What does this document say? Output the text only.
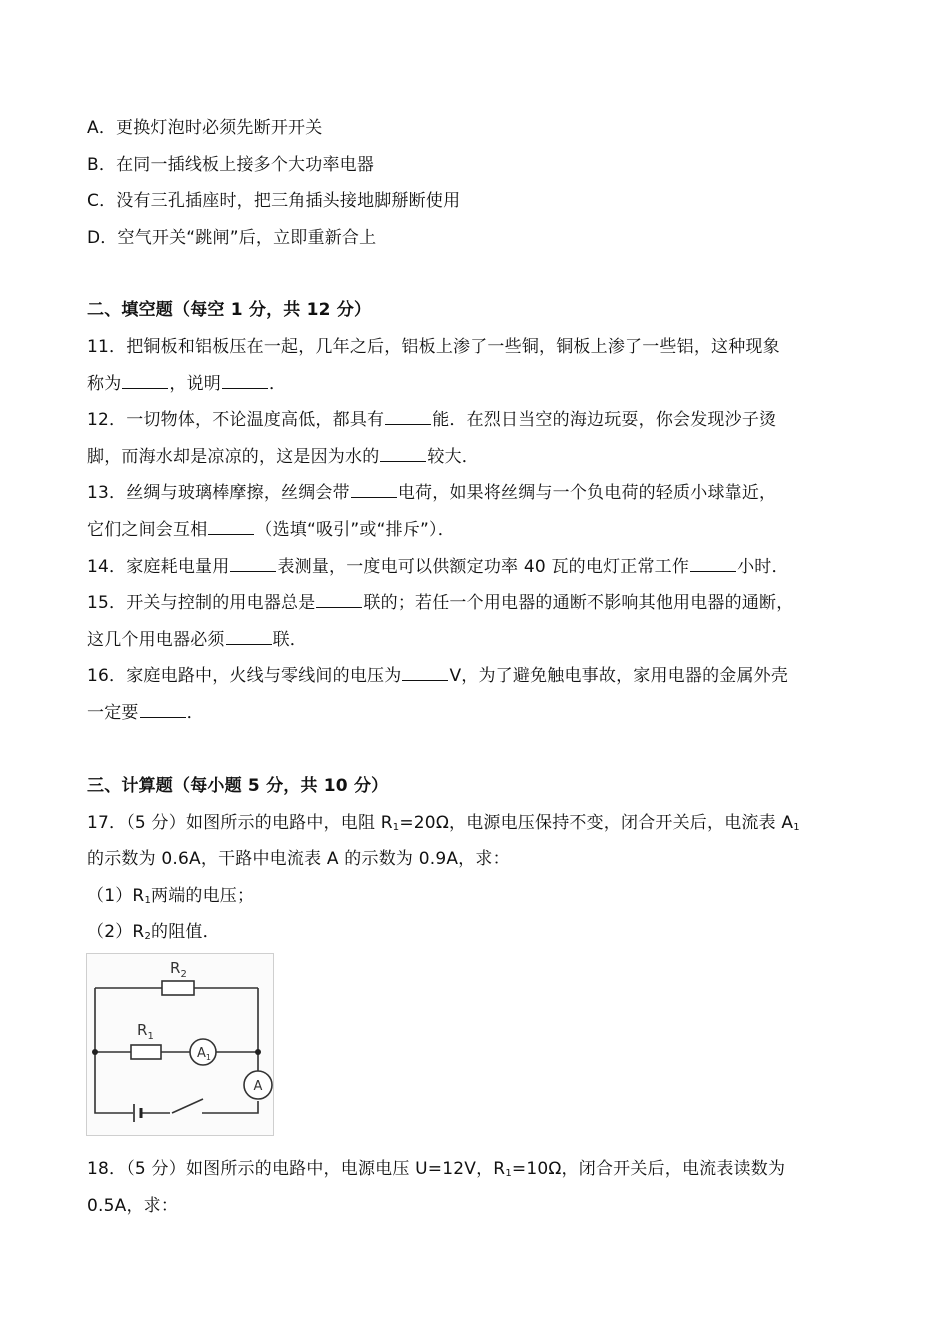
A．更换灯泡时必须先断开开关
B．在同一插线板上接多个大功率电器
C．没有三孔插座时，把三角插头接地脚掰断使用
D．空气开关“跳闸”后，立即重新合上
二、填空题（每空 1 分，共 12 分）
11．把铜板和铝板压在一起，几年之后，铝板上渗了一些铜，铜板上渗了一些铝，这种现象
称为	，说明	．
12．一切物体，不论温度高低，都具有	能．在烈日当空的海边玩耍，你会发现沙子烫
脚，而海水却是凉凉的，这是因为水的	较大．
13．丝绸与玻璃棒摩擦，丝绸会带	电荷，如果将丝绸与一个负电荷的轻质小球靠近，
它们之间会互相	（选填“吸引”或“排斥”）．
14．家庭耗电量用	表测量，一度电可以供额定功率 40 瓦的电灯正常工作	小时．
15．开关与控制的用电器总是	联的；若任一个用电器的通断不影响其他用电器的通断，
这几个用电器必须	联．
16．家庭电路中，火线与零线间的电压为	V，为了避免触电事故，家用电器的金属外壳
一定要	．
三、计算题（每小题 5 分，共 10 分）
17．（5 分）如图所示的电路中，电阻 $R_1=20\Omega$，电源电压保持不变，闭合开关后，电流表 $A_1$
的示数为 0.6A，干路中电流表 A 的示数为 0.9A，求：
$(1)R_1$两端的电压；
$(2)R_2$的阻值．
$R_2$
$R_1$
$A_1$
A
18．（5 分）如图所示的电路中，电源电压 U=12V，$R_1=10\Omega$，闭合开关后，电流表读数为
0.5A，求：
